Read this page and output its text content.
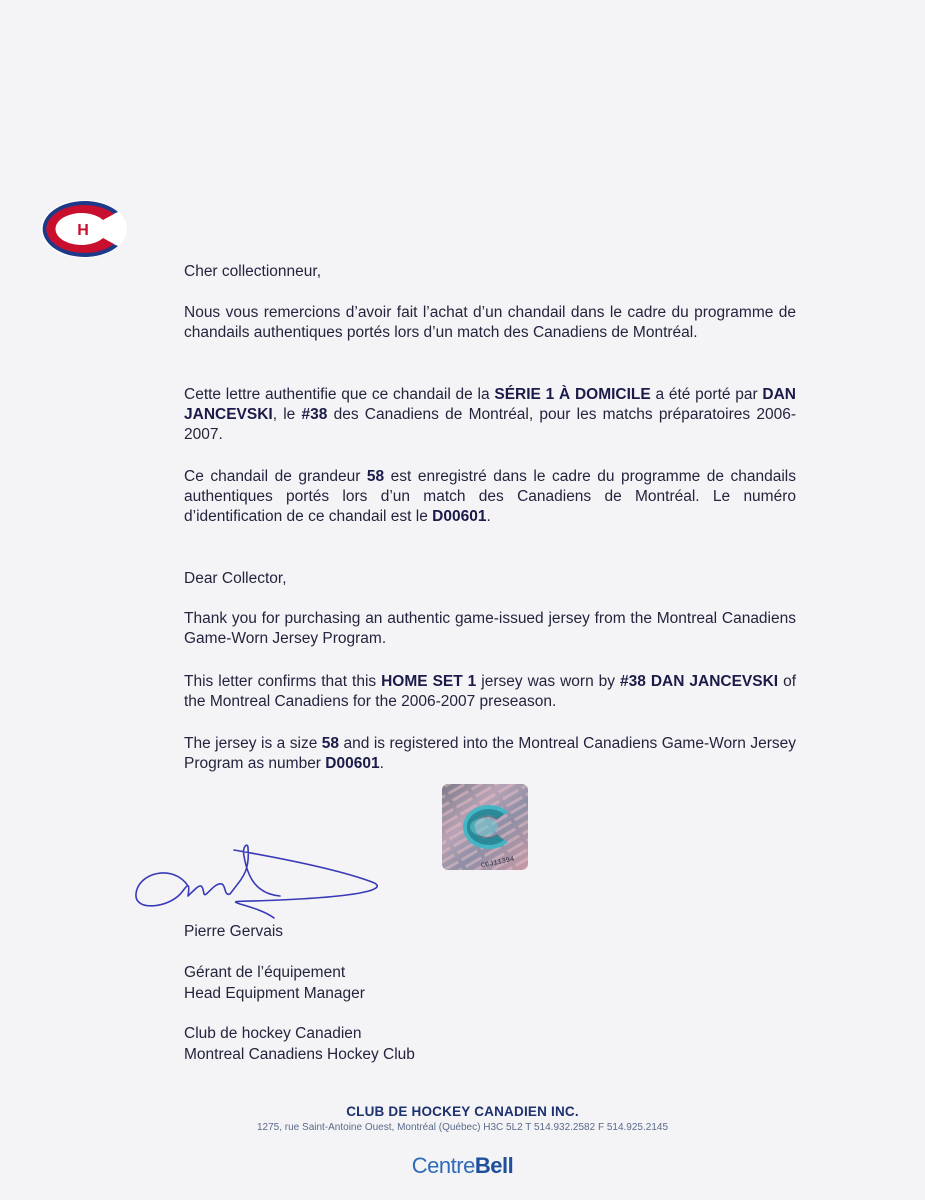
H
Cher collectionneur,

Nous vous remercions d’avoir fait l’achat d’un chandail dans le cadre du programme de chandails authentiques portés lors d’un match des Canadiens de Montréal.

Cette lettre authentifie que ce chandail de la SÉRIE 1 À DOMICILE a été porté par DAN JANCEVSKI, le #38 des Canadiens de Montréal, pour les matchs préparatoires 2006-2007.

Ce chandail de grandeur 58 est enregistré dans le cadre du programme de chandails authentiques portés lors d’un match des Canadiens de Montréal. Le numéro d’identification de ce chandail est le D00601.

Dear Collector,

Thank you for purchasing an authentic game-issued jersey from the Montreal Canadiens Game-Worn Jersey Program.

This letter confirms that this HOME SET 1 jersey was worn by #38 DAN JANCEVSKI of the Montreal Canadiens for the 2006-2007 preseason.

The jersey is a size 58 and is registered into the Montreal Canadiens Game-Worn Jersey Program as number D00601.

CCJ11394
Pierre Gervais
Gérant de l’équipement
Head Equipment Manager
Club de hockey Canadien
Montreal Canadiens Hockey Club
CLUB DE HOCKEY CANADIEN INC.
1275, rue Saint-Antoine Ouest, Montréal (Québec) H3C 5L2 T 514.932.2582 F 514.925.2145
CentreBell
